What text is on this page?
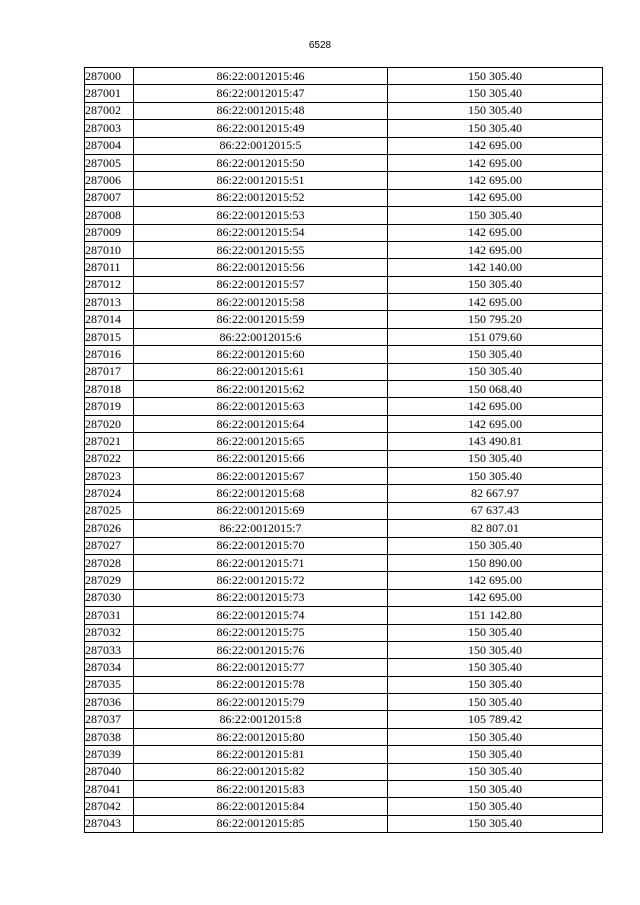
6528
287000	86:22:0012015:46	150 305.40
287001	86:22:0012015:47	150 305.40
287002	86:22:0012015:48	150 305.40
287003	86:22:0012015:49	150 305.40
287004	86:22:0012015:5	142 695.00
287005	86:22:0012015:50	142 695.00
287006	86:22:0012015:51	142 695.00
287007	86:22:0012015:52	142 695.00
287008	86:22:0012015:53	150 305.40
287009	86:22:0012015:54	142 695.00
287010	86:22:0012015:55	142 695.00
287011	86:22:0012015:56	142 140.00
287012	86:22:0012015:57	150 305.40
287013	86:22:0012015:58	142 695.00
287014	86:22:0012015:59	150 795.20
287015	86:22:0012015:6	151 079.60
287016	86:22:0012015:60	150 305.40
287017	86:22:0012015:61	150 305.40
287018	86:22:0012015:62	150 068.40
287019	86:22:0012015:63	142 695.00
287020	86:22:0012015:64	142 695.00
287021	86:22:0012015:65	143 490.81
287022	86:22:0012015:66	150 305.40
287023	86:22:0012015:67	150 305.40
287024	86:22:0012015:68	82 667.97
287025	86:22:0012015:69	67 637.43
287026	86:22:0012015:7	82 807.01
287027	86:22:0012015:70	150 305.40
287028	86:22:0012015:71	150 890.00
287029	86:22:0012015:72	142 695.00
287030	86:22:0012015:73	142 695.00
287031	86:22:0012015:74	151 142.80
287032	86:22:0012015:75	150 305.40
287033	86:22:0012015:76	150 305.40
287034	86:22:0012015:77	150 305.40
287035	86:22:0012015:78	150 305.40
287036	86:22:0012015:79	150 305.40
287037	86:22:0012015:8	105 789.42
287038	86:22:0012015:80	150 305.40
287039	86:22:0012015:81	150 305.40
287040	86:22:0012015:82	150 305.40
287041	86:22:0012015:83	150 305.40
287042	86:22:0012015:84	150 305.40
287043	86:22:0012015:85	150 305.40
